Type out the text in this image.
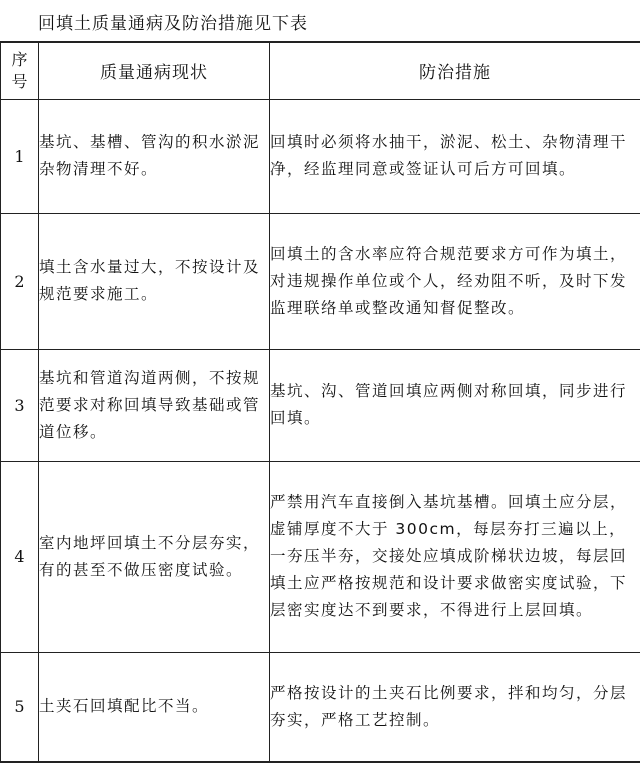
回填土质量通病及防治措施见下表
序号	质量通病现状	防治措施
1	基坑、基槽、管沟的积水淤泥杂物清理不好。	回填时必须将水抽干，淤泥、松土、杂物清理干净，经监理同意或签证认可后方可回填。
2	填土含水量过大，不按设计及规范要求施工。	回填土的含水率应符合规范要求方可作为填土，对违规操作单位或个人，经劝阻不听，及时下发监理联络单或整改通知督促整改。
3	基坑和管道沟道两侧，不按规范要求对称回填导致基础或管道位移。	基坑、沟、管道回填应两侧对称回填，同步进行回填。
4	室内地坪回填土不分层夯实，有的甚至不做压密度试验。	严禁用汽车直接倒入基坑基槽。回填土应分层，虚铺厚度不大于 300cm，每层夯打三遍以上，一夯压半夯，交接处应填成阶梯状边坡，每层回填土应严格按规范和设计要求做密实度试验，下层密实度达不到要求，不得进行上层回填。
5	土夹石回填配比不当。	严格按设计的土夹石比例要求，拌和均匀，分层夯实，严格工艺控制。
